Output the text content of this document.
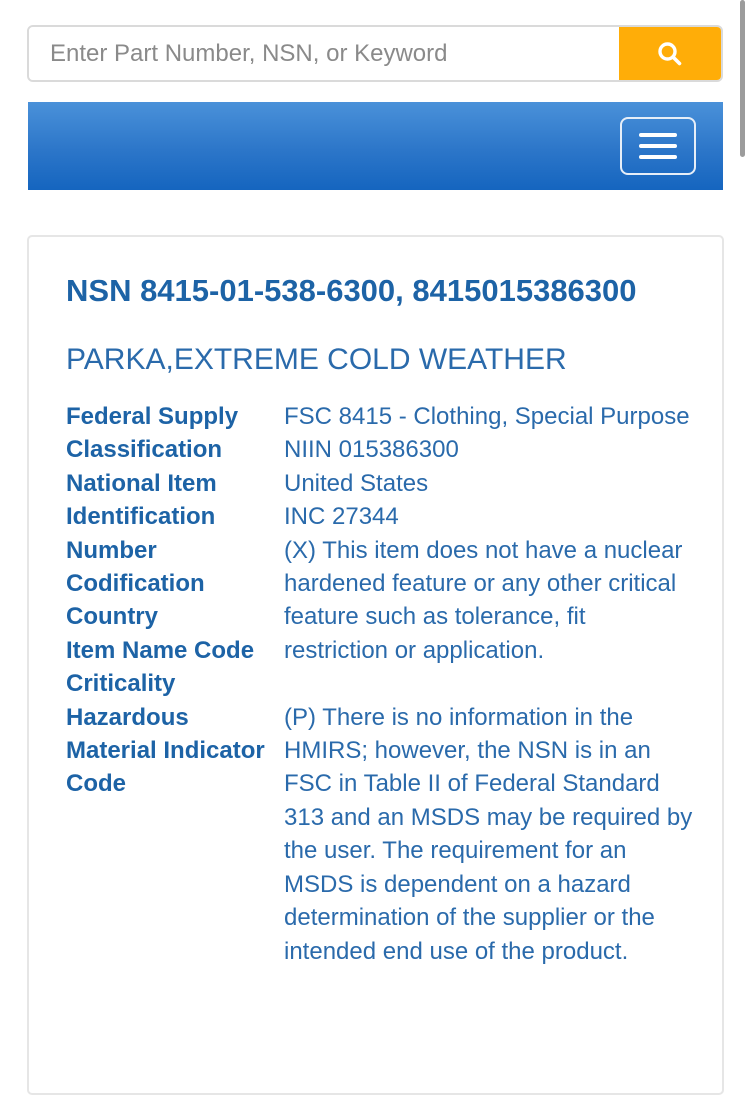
Enter Part Number, NSN, or Keyword
NSN 8415-01-538-6300, 8415015386300
PARKA,EXTREME COLD WEATHER
Federal Supply Classification
National Item Identification Number
Codification Country
Item Name Code
Criticality
FSC 8415 - Clothing, Special Purpose
NIIN 015386300
United States
INC 27344
(X) This item does not have a nuclear hardened feature or any other critical feature such as tolerance, fit restriction or application.
Hazardous Material Indicator Code
(P) There is no information in the HMIRS; however, the NSN is in an FSC in Table II of Federal Standard 313 and an MSDS may be required by the user. The requirement for an MSDS is dependent on a hazard determination of the supplier or the intended end use of the product.
